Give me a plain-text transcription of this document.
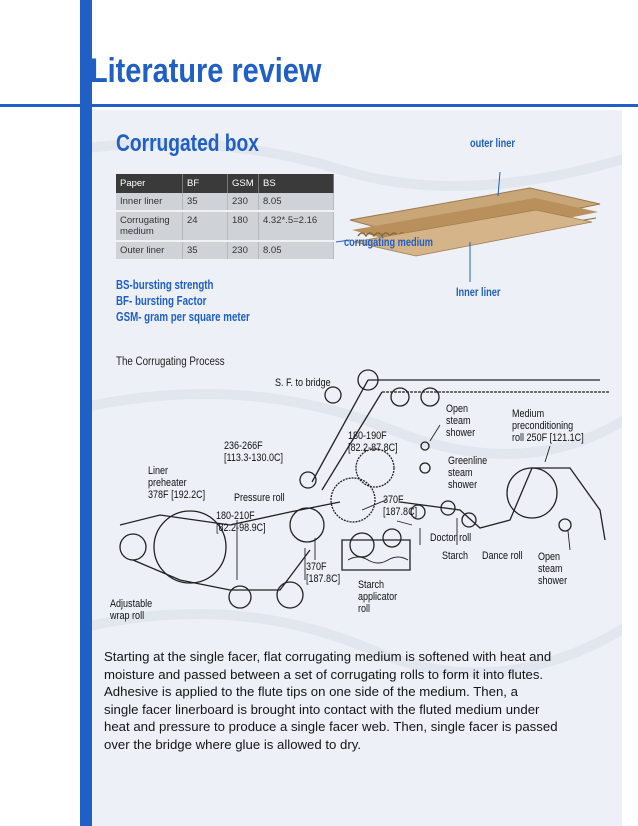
Literature review
Corrugated box
Paper	BF	GSM	BS
Inner liner	35	230	8.05
Corrugating medium	24	180	4.32*.5=2.16
Outer liner	35	230	8.05
BS-bursting strength
BF- bursting Factor
GSM- gram per square meter
outer liner
corrugating medium
Inner liner
The Corrugating Process
S. F. to bridge
Open
steam
shower
Medium
preconditioning
roll 250F [121.1C]
180-190F
[82.2-87.8C]
236-266F
[113.3-130.0C]	Greenline
steam
shower
Liner
preheater
378F [192.2C]	Pressure roll	370F
[187.8C]
180-210F
[82.2-98.9C]
Doctor roll
Starch Dance roll Open
steam
shower
370F
[187.8C] Starch
applicator
roll
Adjustable
wrap roll

Starting at the single facer, flat corrugating medium is softened with heat and
moisture and passed between a set of corrugating rolls to form it into flutes.
Adhesive is applied to the flute tips on one side of the medium. Then, a
single facer linerboard is brought into contact with the fluted medium under
heat and pressure to produce a single facer web. Then, single facer is passed
over the bridge where glue is allowed to dry.
